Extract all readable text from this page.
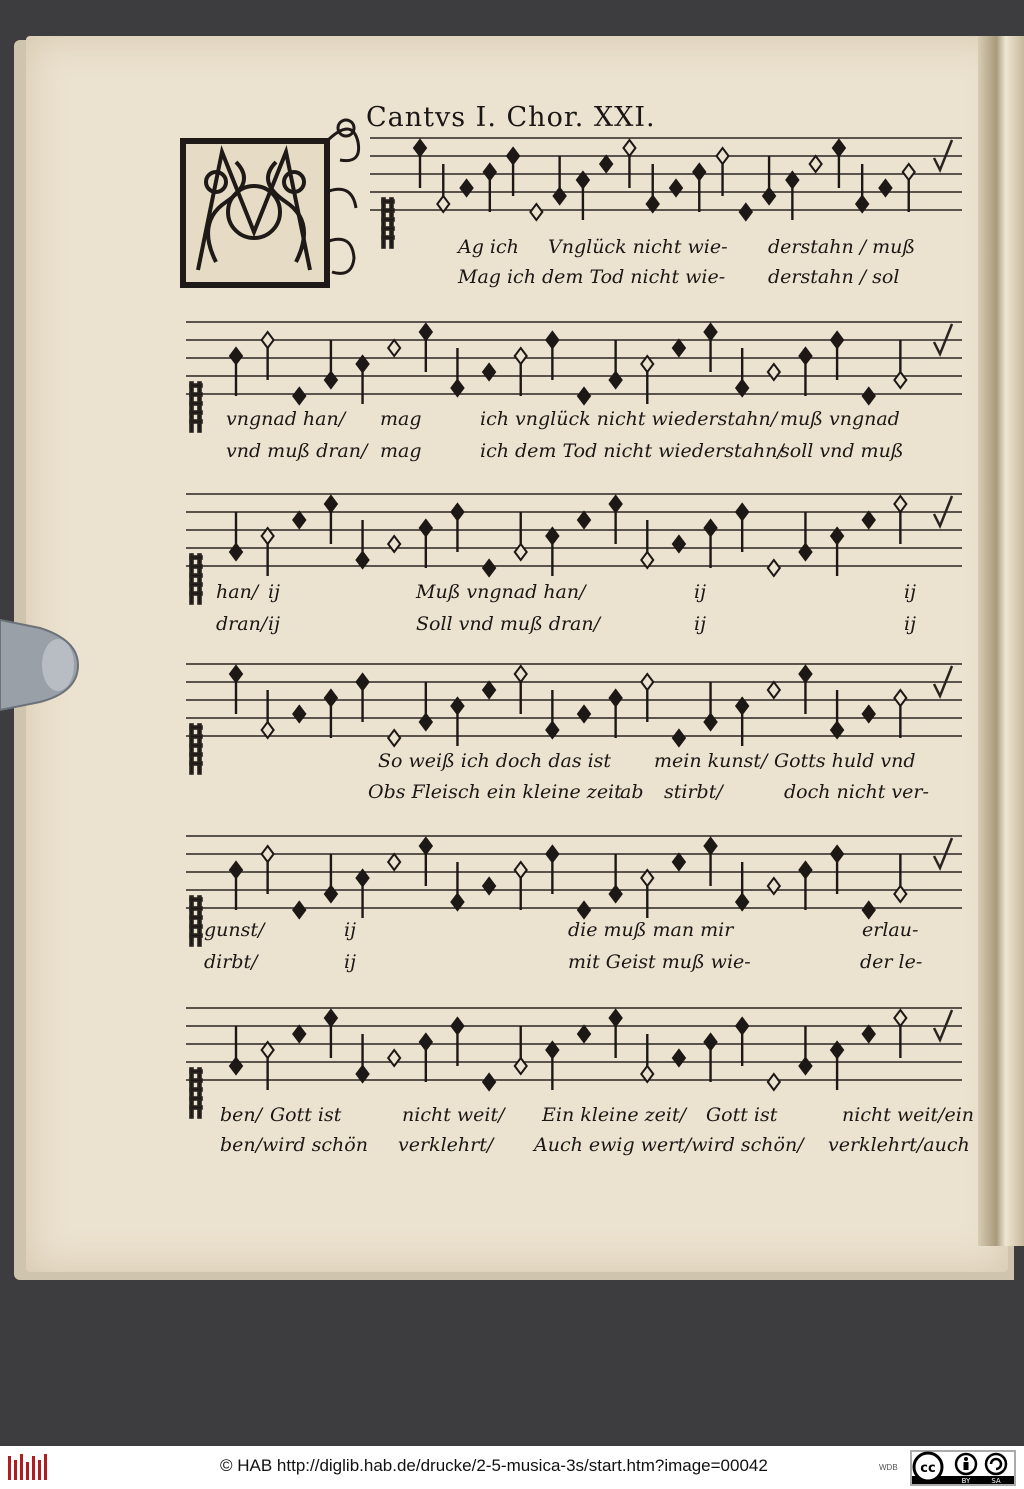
Cantvs I. Chor. XXI.
Ag ich Vnglück nicht wie- derstahn / muß
Mag ich dem Tod nicht wie- derstahn / sol
vngnad han/ mag	ich vnglück nicht wiederstahn/ muß vngnad
vnd muß dran/ mag	ich dem Tod nicht wiederstahn/
soll vnd muß
han/ ij	Muß vngnad han/	ij	ij
dran/ ij	Soll vnd muß dran/	ij	ij
So weiß ich doch das ist mein kunst/ Gotts huld vnd
Obs Fleisch ein kleine zeit
ab stirbt/	doch nicht ver-
gunst/	ij	die muß man mir	erlau-
dirbt/	ij	mit Geist muß wie-	der le-
ben/ Gott ist	nicht weit/ Ein kleine zeit/ Gott ist	nicht weit/ein
ben/ wird schön verklehrt/ Auch ewig wert/wird schön/ verklehrt/auch
© HAB http://diglib.hab.de/drucke/2-5-musica-3s/start.htm?image=00042	WDB cc
BY	SA
